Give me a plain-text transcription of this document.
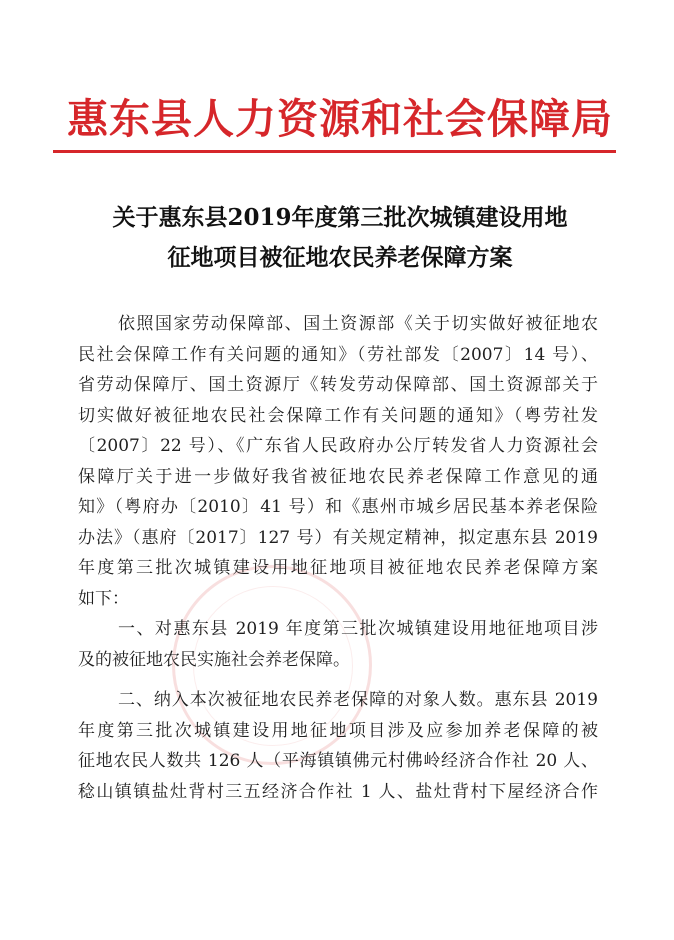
惠东县人力资源和社会保障局
关于惠东县2019年度第三批次城镇建设用地
征地项目被征地农民养老保障方案
依照国家劳动保障部、国土资源部《关于切实做好被征地农
民社会保障工作有关问题的通知》（劳社部发〔2007〕14 号）、
省劳动保障厅、国土资源厅《转发劳动保障部、国土资源部关于
切实做好被征地农民社会保障工作有关问题的通知》（粤劳社发
〔2007〕22 号）、《广东省人民政府办公厅转发省人力资源社会
保障厅关于进一步做好我省被征地农民养老保障工作意见的通
知》（粤府办〔2010〕41 号）和《惠州市城乡居民基本养老保险
办法》（惠府〔2017〕127 号）有关规定精神，拟定惠东县 2019
年度第三批次城镇建设用地征地项目被征地农民养老保障方案
如下：
一、对惠东县 2019 年度第三批次城镇建设用地征地项目涉
及的被征地农民实施社会养老保障。
二、纳入本次被征地农民养老保障的对象人数。惠东县 2019
年度第三批次城镇建设用地征地项目涉及应参加养老保障的被
征地农民人数共 126 人（平海镇镇佛元村佛岭经济合作社 20 人、
稔山镇镇盐灶背村三五经济合作社 1 人、盐灶背村下屋经济合作
